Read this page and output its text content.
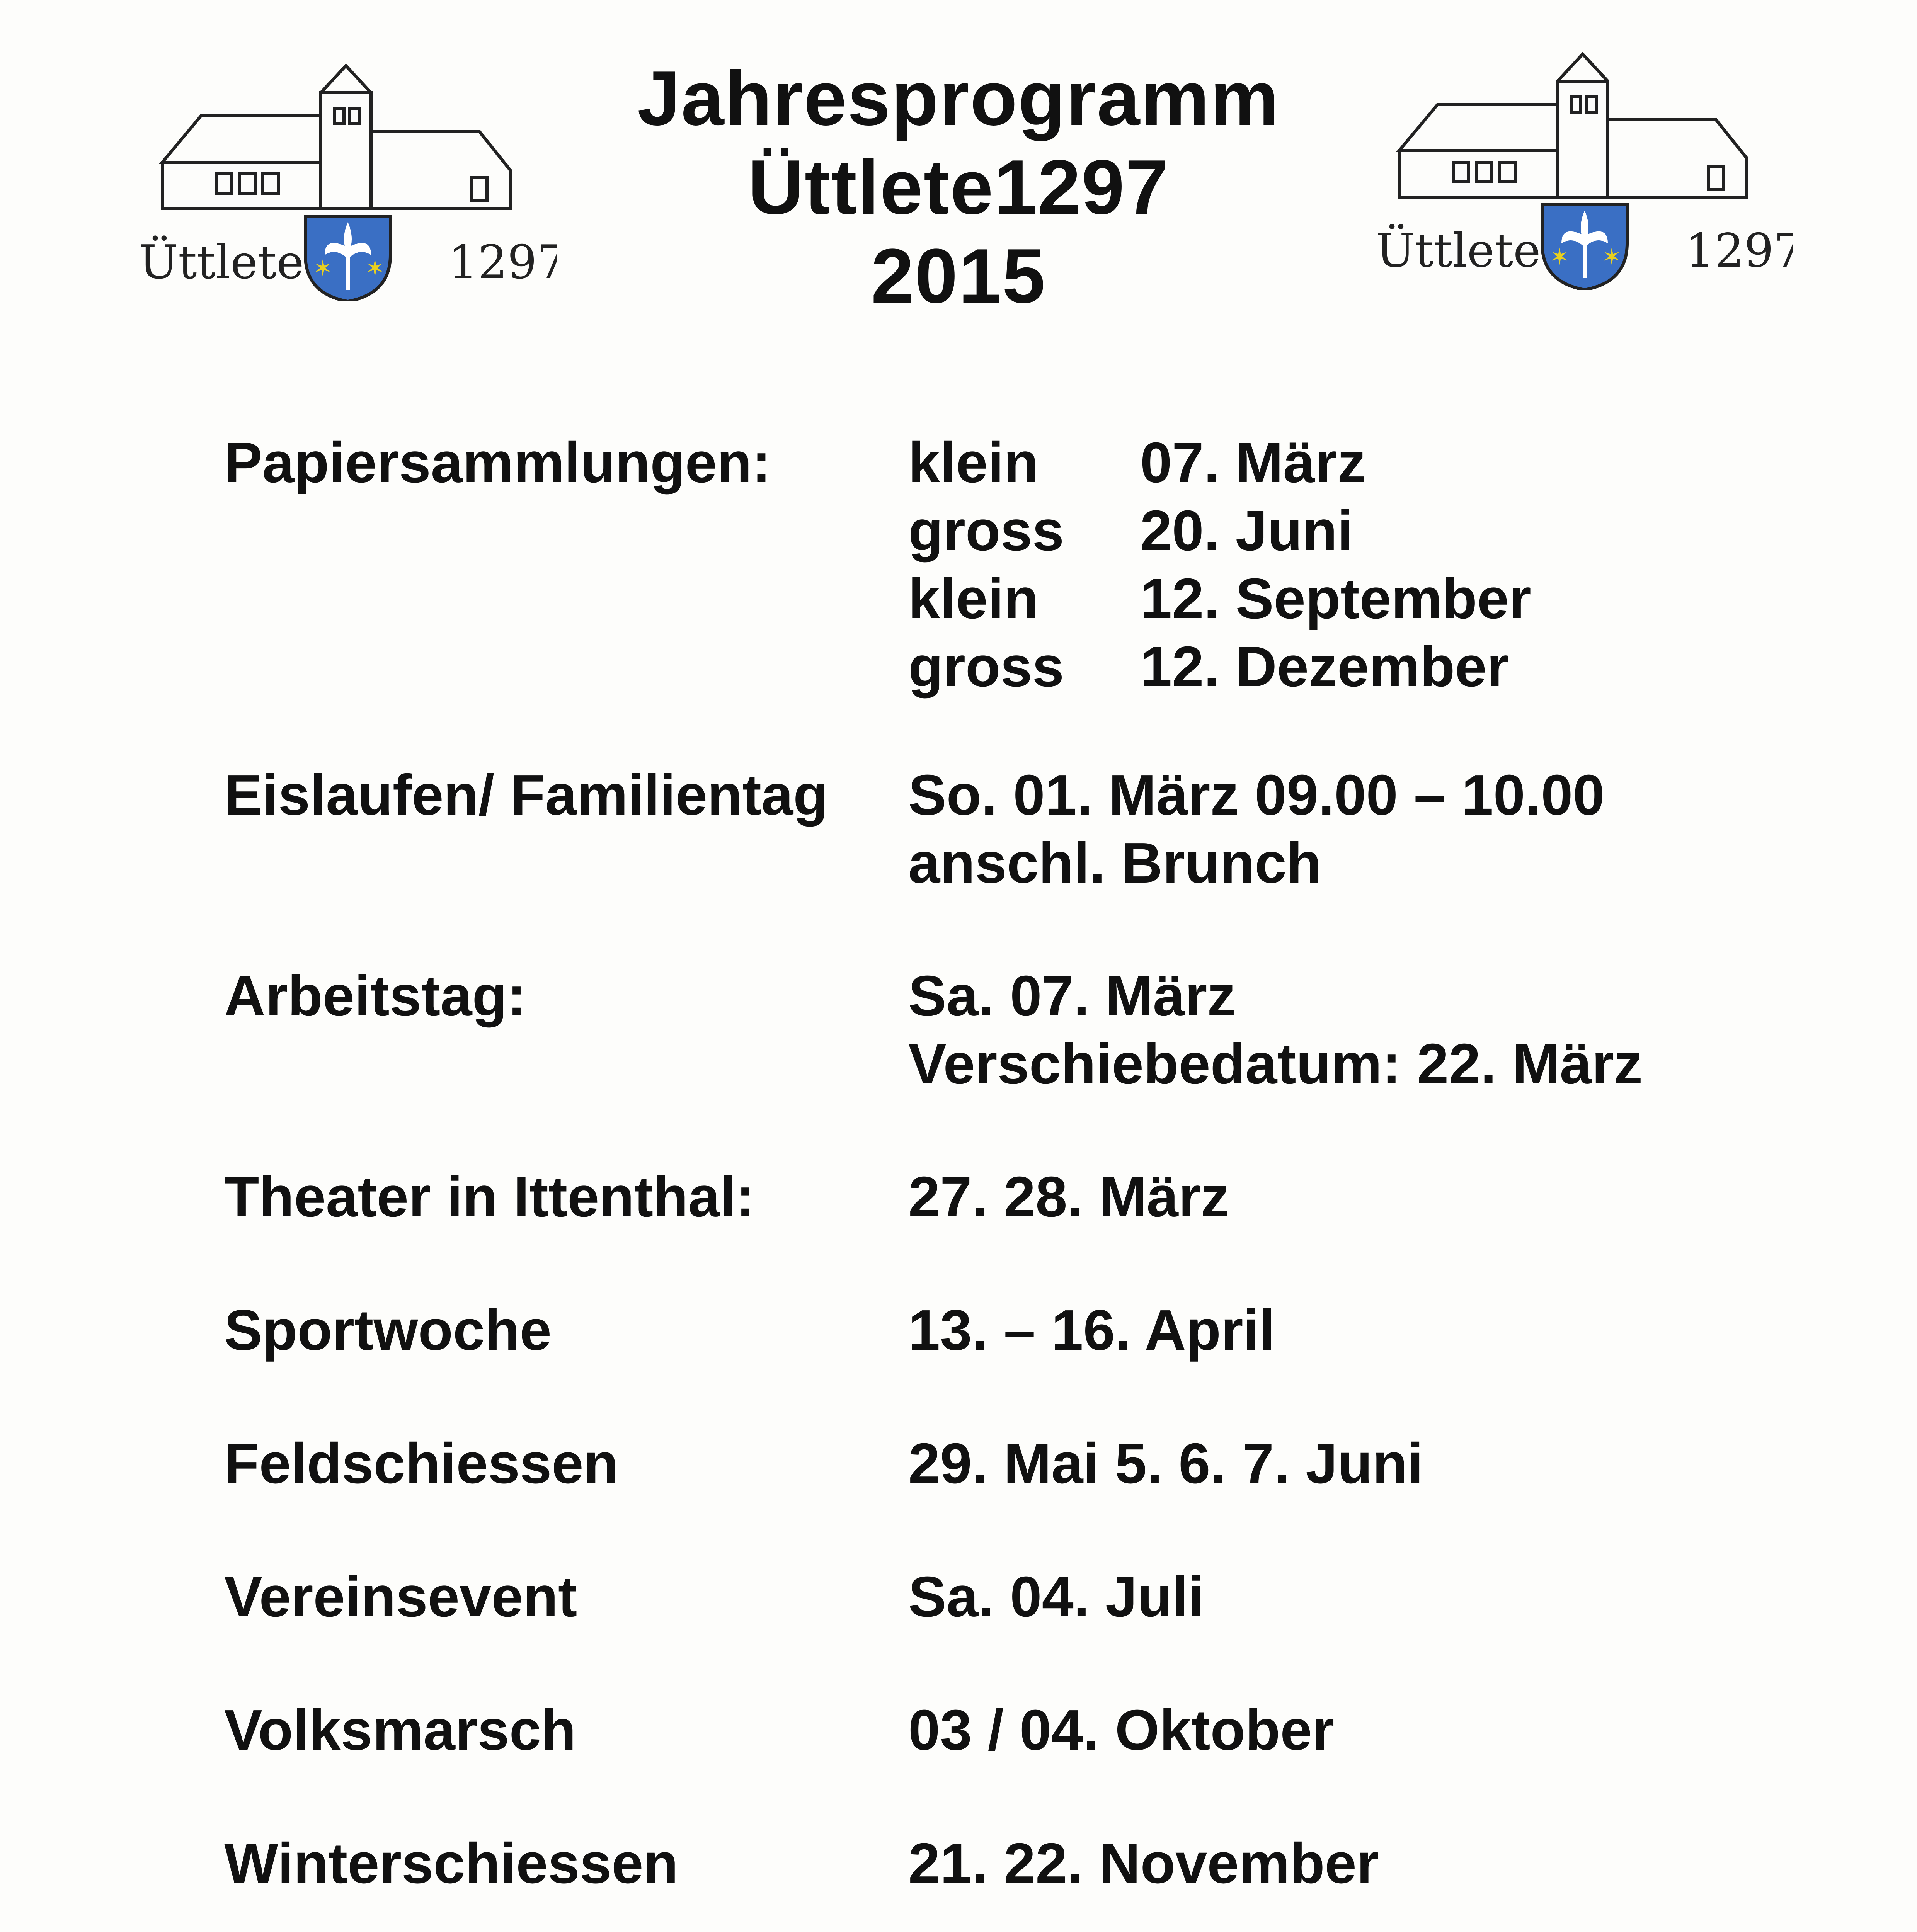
Üttlete	1297
✶ ✶	Üttlete	1297
✶ ✶
Jahresprogramm
Üttlete1297
2015
Papiersammlungen:	klein	07. März
gross	20. Juni
klein	12. September
gross	12. Dezember
Eislaufen/ Familientag	So. 01. März 09.00 – 10.00
anschl. Brunch
Arbeitstag:	Sa. 07. März
Verschiebedatum: 22. März
Theater in Ittenthal:	27. 28. März
Sportwoche	13. – 16. April
Feldschiessen	29. Mai 5. 6. 7. Juni
Vereinsevent	Sa. 04. Juli
Volksmarsch	03 / 04. Oktober
Winterschiessen	21. 22. November
